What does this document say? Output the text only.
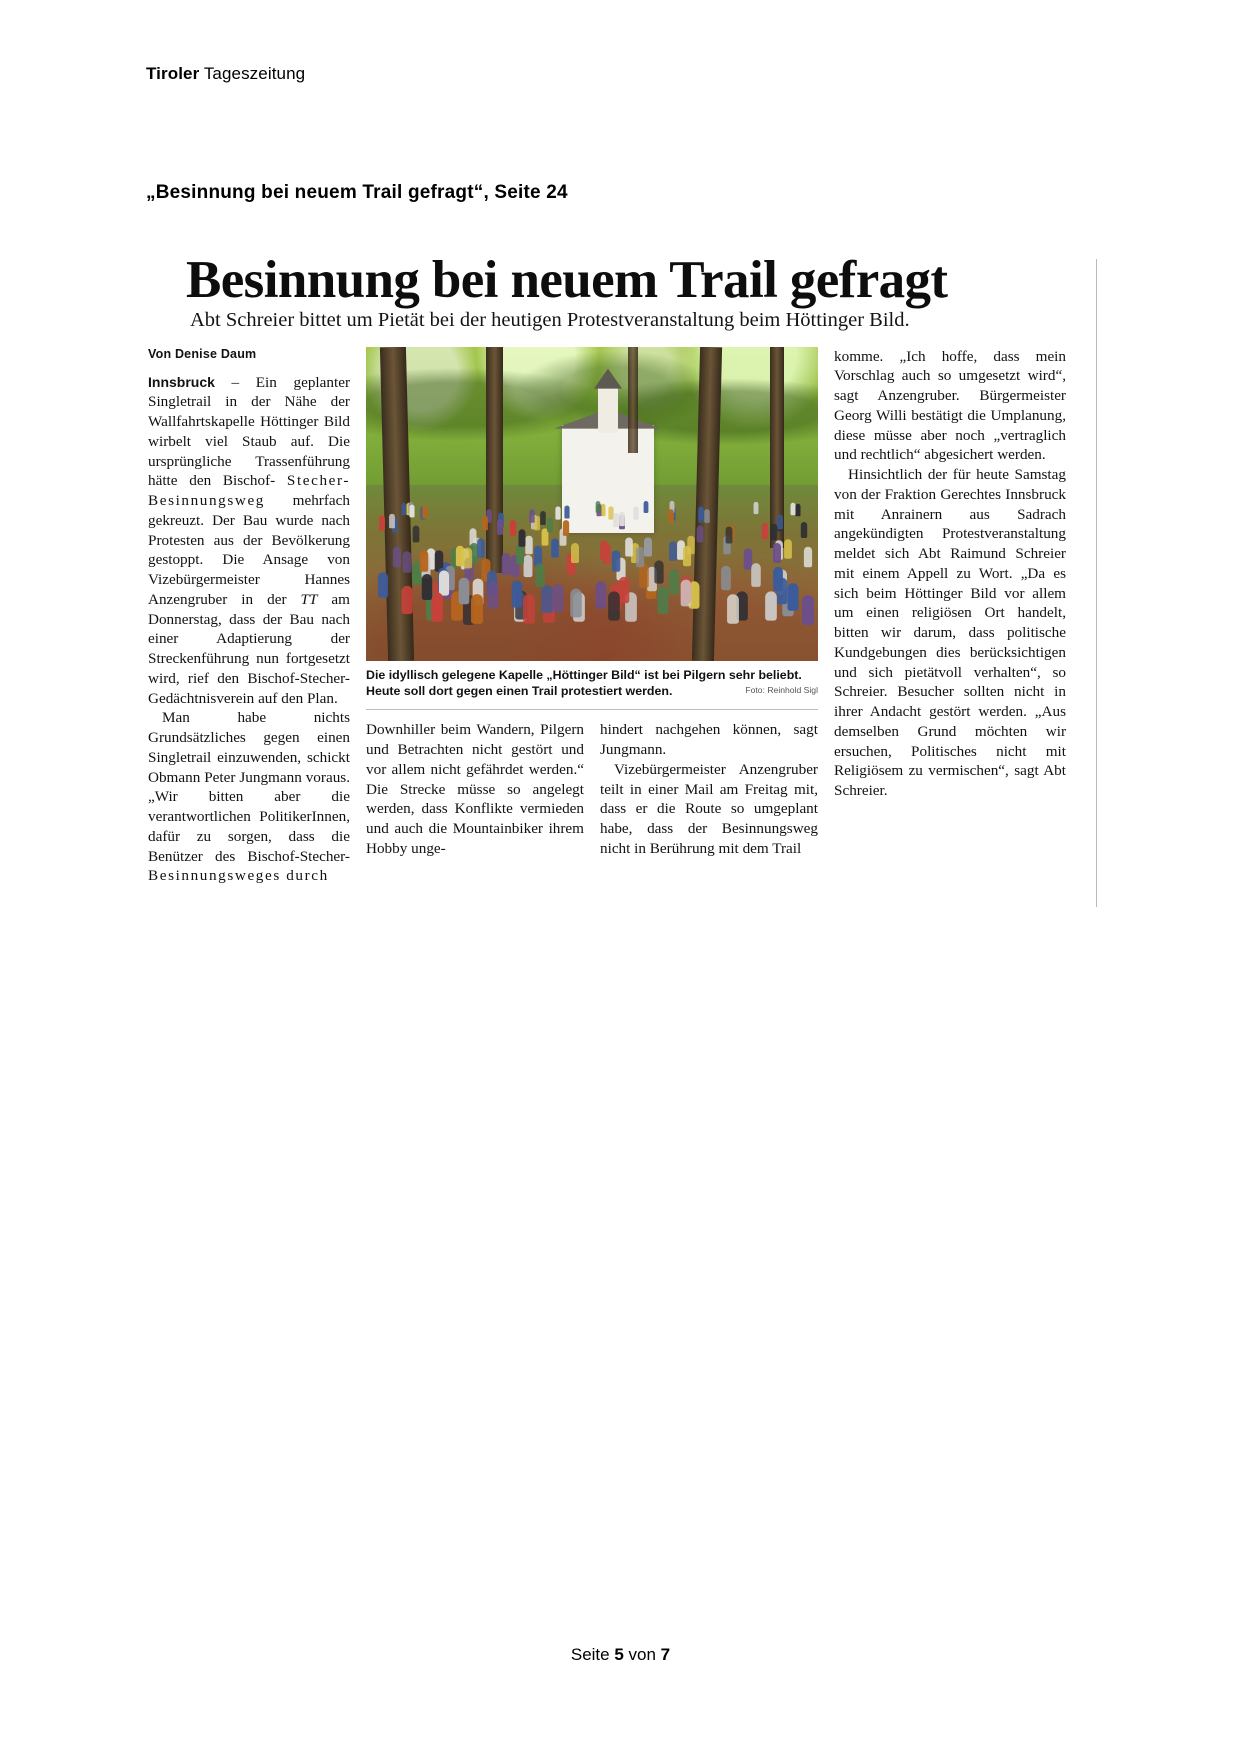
Tiroler Tageszeitung
„Besinnung bei neuem Trail gefragt“, Seite 24
Besinnung bei neuem Trail gefragt
Abt Schreier bittet um Pietät bei der heutigen Protestveranstaltung beim Höttinger Bild.
Von Denise Daum

Innsbruck – Ein geplanter Singletrail in der Nähe der Wallfahrtskapelle Höttinger Bild wirbelt viel Staub auf. Die ursprüngliche Trassenführung hätte den Bischof- Stecher-Besinnungsweg mehrfach gekreuzt. Der Bau wurde nach Protesten aus der Bevölkerung gestoppt. Die Ansage von Vizebürgermeister Hannes Anzengruber in der TT am Donnerstag, dass der Bau nach einer Adaptierung der Streckenführung nun fortgesetzt wird, rief den Bischof-Stecher-Gedächtnisverein auf den Plan.

Man habe nichts Grundsätzliches gegen einen Singletrail einzuwenden, schickt Obmann Peter Jungmann voraus. „Wir bitten aber die verantwortlichen PolitikerInnen, dafür zu sorgen, dass die Benützer des Bischof-Stecher- Besinnungsweges durch

Die idyllisch gelegene Kapelle „Höttinger Bild“ ist bei Pilgern sehr beliebt. Heute soll dort gegen einen Trail protestiert werden.	Foto: Reinhold Sigl

Downhiller beim Wandern, Pilgern und Betrachten nicht gestört und vor allem nicht gefährdet werden.“ Die Strecke müsse so angelegt werden, dass Konflikte vermieden und auch die Mountainbiker ihrem Hobby unge-

hindert nachgehen können, sagt Jungmann.

Vizebürgermeister Anzengruber teilt in einer Mail am Freitag mit, dass er die Route so umgeplant habe, dass der Besinnungsweg nicht in Berührung mit dem Trail

komme. „Ich hoffe, dass mein Vorschlag auch so umgesetzt wird“, sagt Anzengruber. Bürgermeister Georg Willi bestätigt die Umplanung, diese müsse aber noch „vertraglich und rechtlich“ abgesichert werden.

Hinsichtlich der für heute Samstag von der Fraktion Gerechtes Innsbruck mit Anrainern aus Sadrach angekündigten Protestveranstaltung meldet sich Abt Raimund Schreier mit einem Appell zu Wort. „Da es sich beim Höttinger Bild vor allem um einen religiösen Ort handelt, bitten wir darum, dass politische Kundgebungen dies berücksichtigen und sich pietätvoll verhalten“, so Schreier. Besucher sollten nicht in ihrer Andacht gestört werden. „Aus demselben Grund möchten wir ersuchen, Politisches nicht mit Religiösem zu vermischen“, sagt Abt Schreier.

Seite 5 von 7
